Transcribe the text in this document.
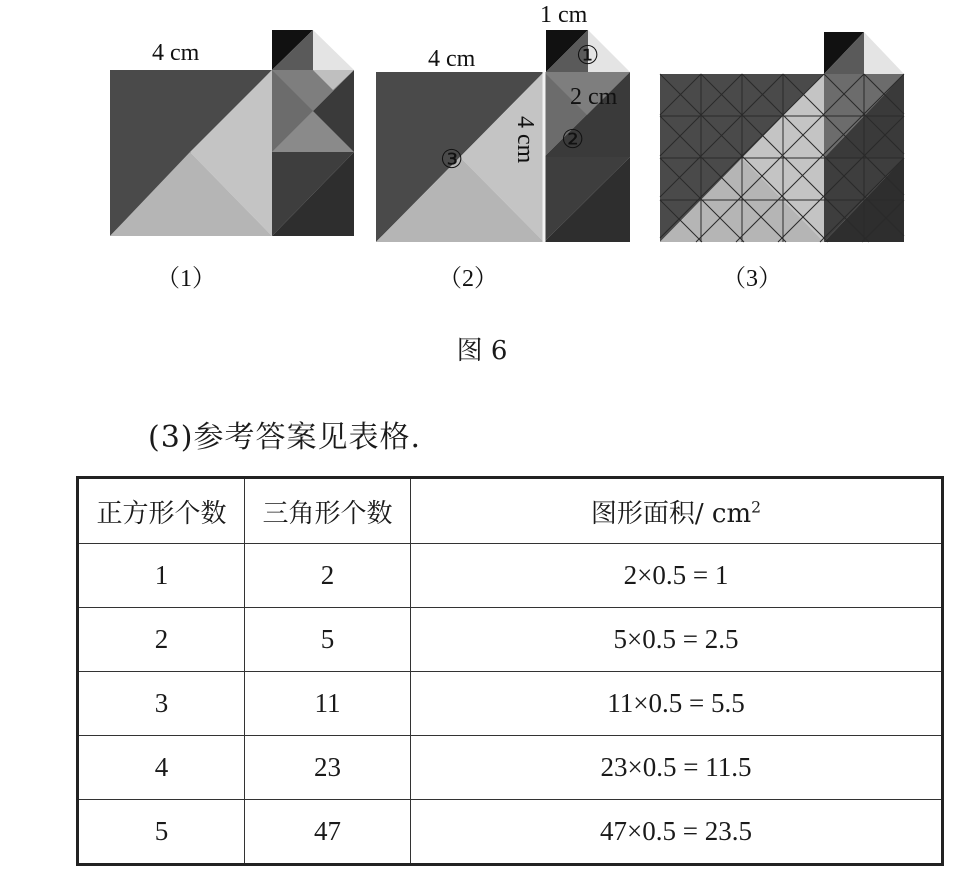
4 cm	4 cm
1 cm
2 cm
4 cm
①
②
③
（1）	（2）	（3）
图 6
(3)参考答案见表格.
正方形个数	三角形个数	图形面积/ $cm^2$
1	2	2×0.5 = 1
2	5	5×0.5 = 2.5
3	11	11×0.5 = 5.5
4	23	23×0.5 = 11.5
5	47	47×0.5 = 23.5
